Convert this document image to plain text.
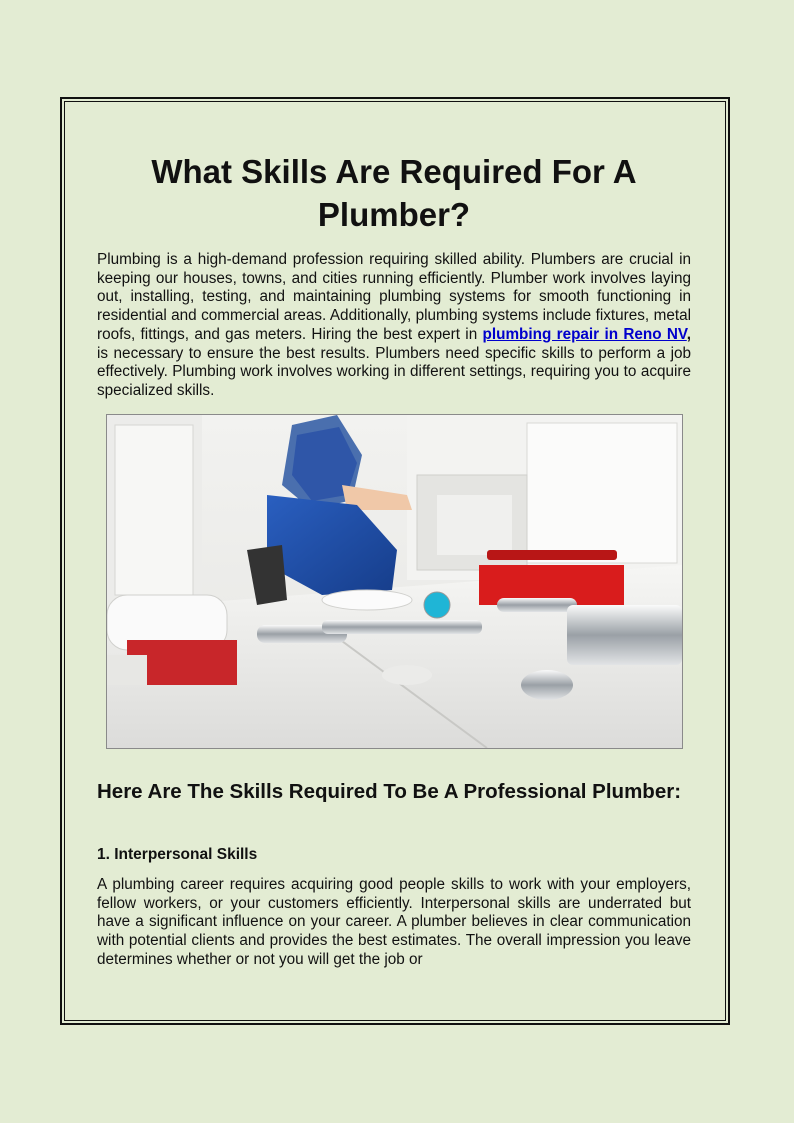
What Skills Are Required For A Plumber?

Plumbing is a high-demand profession requiring skilled ability. Plumbers are crucial in keeping our houses, towns, and cities running efficiently. Plumber work involves laying out, installing, testing, and maintaining plumbing systems for smooth functioning in residential and commercial areas. Additionally, plumbing systems include fixtures, metal roofs, fittings, and gas meters. Hiring the best expert in plumbing repair in Reno NV, is necessary to ensure the best results. Plumbers need specific skills to perform a job effectively. Plumbing work involves working in different settings, requiring you to acquire specialized skills.

Here Are The Skills Required To Be A Professional Plumber:
1. Interpersonal Skills

A plumbing career requires acquiring good people skills to work with your employers, fellow workers, or your customers efficiently. Interpersonal skills are underrated but have a significant influence on your career. A plumber believes in clear communication with potential clients and provides the best estimates. The overall impression you leave determines whether or not you will get the job or
